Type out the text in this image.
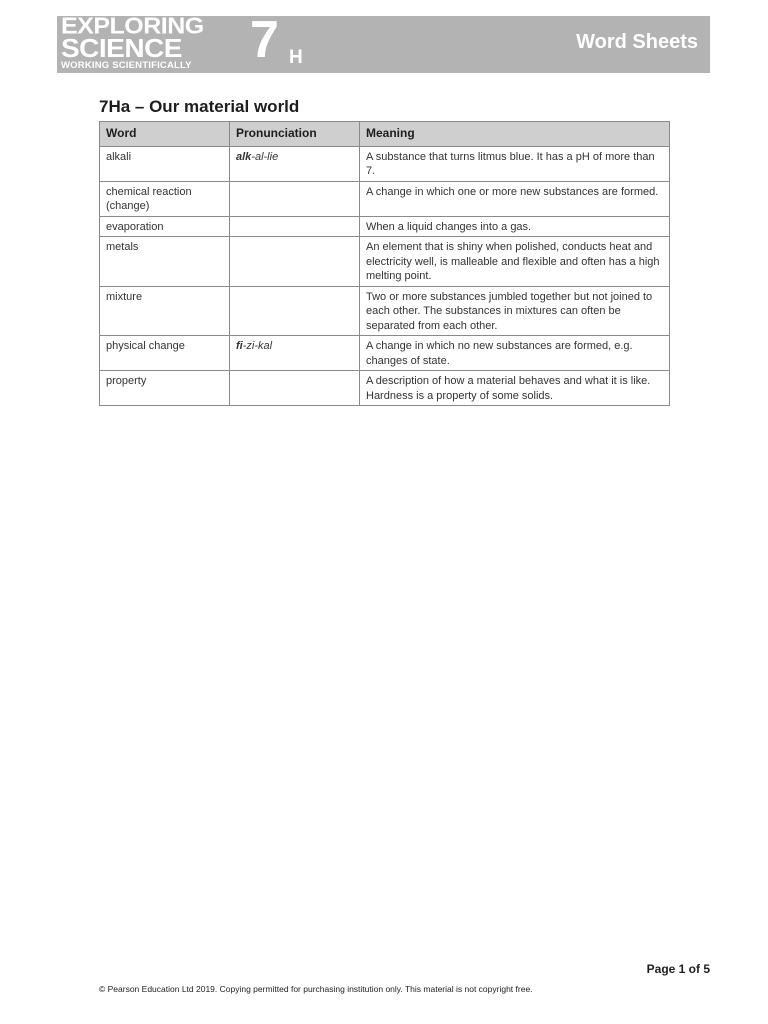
EXPLORING
SCIENCE
WORKING SCIENTIFICALLY 7 H
Word Sheets
7Ha – Our material world
Word	Pronunciation	Meaning
alkali	alk-al-lie	A substance that turns litmus blue. It has a pH of more than 7.
chemical reaction (change)		A change in which one or more new substances are formed.
evaporation		When a liquid changes into a gas.
metals		An element that is shiny when polished, conducts heat and electricity well, is malleable and flexible and often has a high melting point.
mixture		Two or more substances jumbled together but not joined to each other. The substances in mixtures can often be separated from each other.
physical change	fi-zi-kal	A change in which no new substances are formed, e.g. changes of state.
property		A description of how a material behaves and what it is like. Hardness is a property of some solids.
Page 1 of 5
© Pearson Education Ltd 2019. Copying permitted for purchasing institution only. This material is not copyright free.
